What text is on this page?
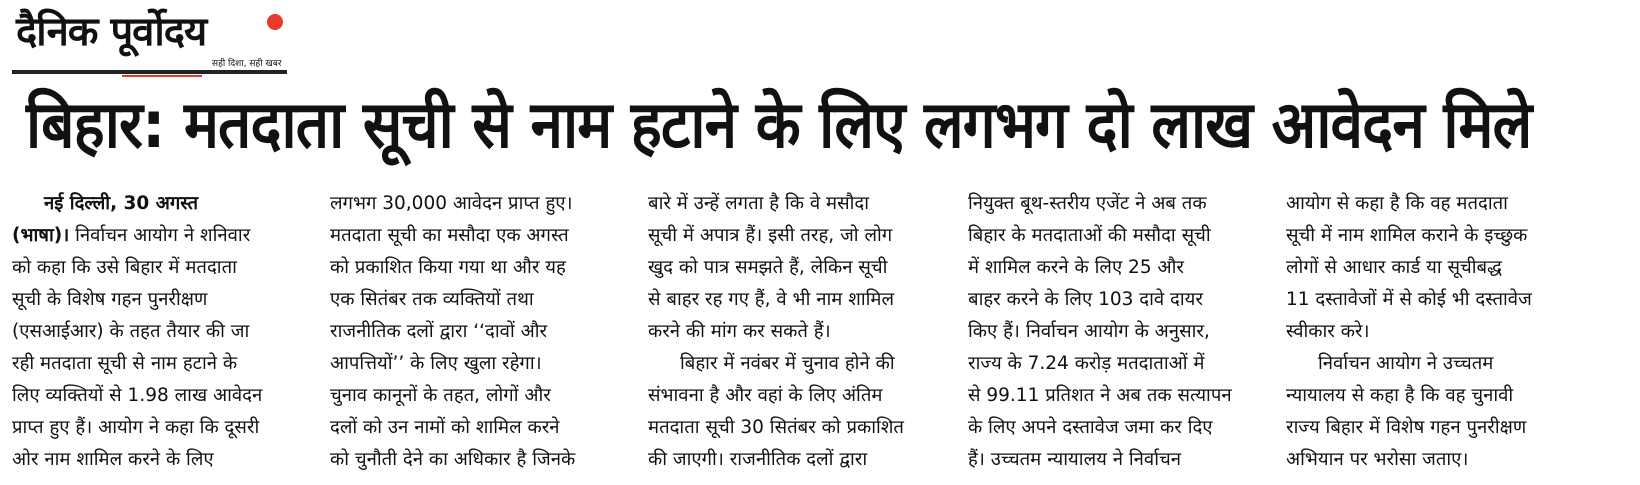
दैनिक पूर्वोदय
सही दिशा, सही खबर
बिहार: मतदाता सूची से नाम हटाने के लिए लगभग दो लाख आवेदन मिले
नई दिल्ली, 30 अगस्त
(भाषा)। निर्वाचन आयोग ने शनिवार
को कहा कि उसे बिहार में मतदाता
सूची के विशेष गहन पुनरीक्षण
(एसआईआर) के तहत तैयार की जा
रही मतदाता सूची से नाम हटाने के
लिए व्यक्तियों से 1.98 लाख आवेदन
प्राप्त हुए हैं। आयोग ने कहा कि दूसरी
ओर नाम शामिल करने के लिए
लगभग 30,000 आवेदन प्राप्त हुए।
मतदाता सूची का मसौदा एक अगस्त
को प्रकाशित किया गया था और यह
एक सितंबर तक व्यक्तियों तथा
राजनीतिक दलों द्वारा ‘‘दावों और
आपत्तियों’’ के लिए खुला रहेगा।
चुनाव कानूनों के तहत, लोगों और
दलों को उन नामों को शामिल करने
को चुनौती देने का अधिकार है जिनके
बारे में उन्हें लगता है कि वे मसौदा
सूची में अपात्र हैं। इसी तरह, जो लोग
खुद को पात्र समझते हैं, लेकिन सूची
से बाहर रह गए हैं, वे भी नाम शामिल
करने की मांग कर सकते हैं।
बिहार में नवंबर में चुनाव होने की
संभावना है और वहां के लिए अंतिम
मतदाता सूची 30 सितंबर को प्रकाशित
की जाएगी। राजनीतिक दलों द्वारा
नियुक्त बूथ-स्तरीय एजेंट ने अब तक
बिहार के मतदाताओं की मसौदा सूची
में शामिल करने के लिए 25 और
बाहर करने के लिए 103 दावे दायर
किए हैं। निर्वाचन आयोग के अनुसार,
राज्य के 7.24 करोड़ मतदाताओं में
से 99.11 प्रतिशत ने अब तक सत्यापन
के लिए अपने दस्तावेज जमा कर दिए
हैं। उच्चतम न्यायालय ने निर्वाचन
आयोग से कहा है कि वह मतदाता
सूची में नाम शामिल कराने के इच्छुक
लोगों से आधार कार्ड या सूचीबद्ध
11 दस्तावेजों में से कोई भी दस्तावेज
स्वीकार करे।
निर्वाचन आयोग ने उच्चतम
न्यायालय से कहा है कि वह चुनावी
राज्य बिहार में विशेष गहन पुनरीक्षण
अभियान पर भरोसा जताए।
